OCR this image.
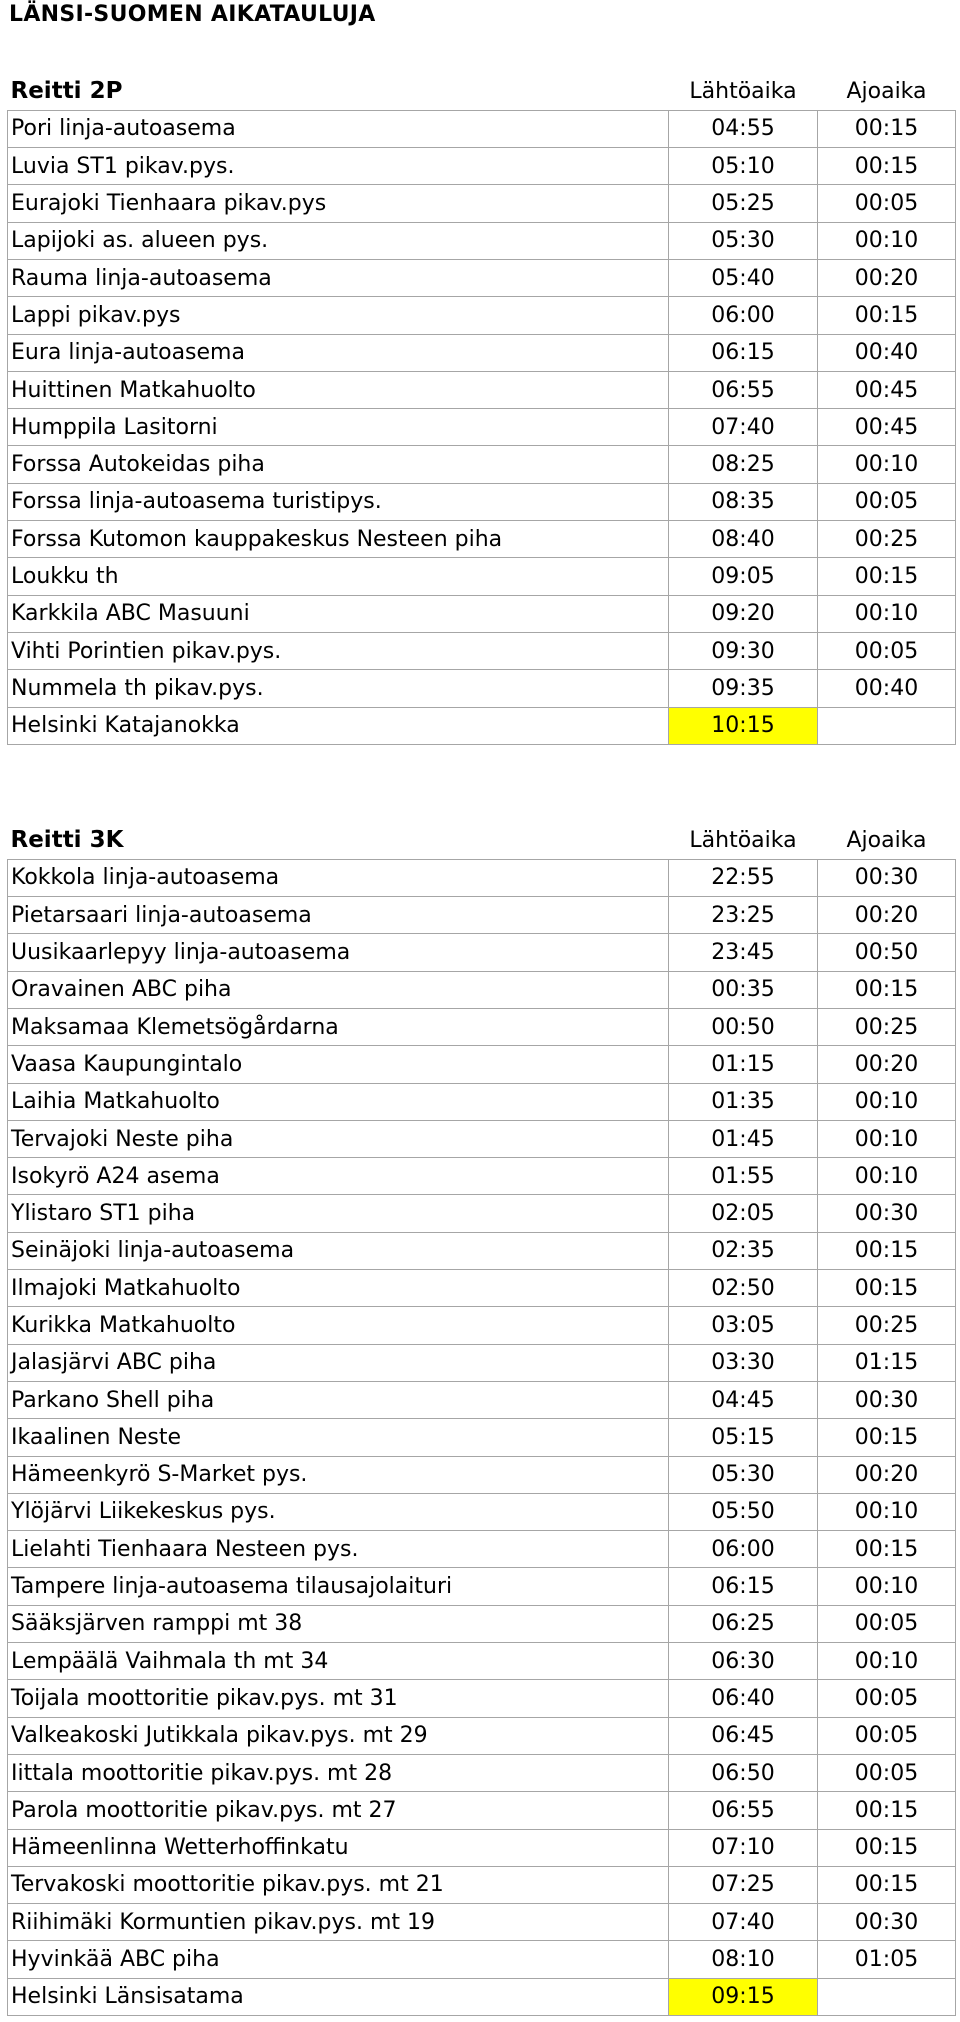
LÄNSI-SUOMEN AIKATAULUJA
Reitti 2P	Lähtöaika	Ajoaika
Pori linja-autoasema	04:55	00:15
Luvia ST1 pikav.pys.	05:10	00:15
Eurajoki Tienhaara pikav.pys	05:25	00:05
Lapijoki as. alueen pys.	05:30	00:10
Rauma linja-autoasema	05:40	00:20
Lappi pikav.pys	06:00	00:15
Eura linja-autoasema	06:15	00:40
Huittinen Matkahuolto	06:55	00:45
Humppila Lasitorni	07:40	00:45
Forssa Autokeidas piha	08:25	00:10
Forssa linja-autoasema turistipys.	08:35	00:05
Forssa Kutomon kauppakeskus Nesteen piha	08:40	00:25
Loukku th	09:05	00:15
Karkkila ABC Masuuni	09:20	00:10
Vihti Porintien pikav.pys.	09:30	00:05
Nummela th pikav.pys.	09:35	00:40
Helsinki Katajanokka	10:15	
Reitti 3K	Lähtöaika	Ajoaika
Kokkola linja-autoasema	22:55	00:30
Pietarsaari linja-autoasema	23:25	00:20
Uusikaarlepyy linja-autoasema	23:45	00:50
Oravainen ABC piha	00:35	00:15
Maksamaa Klemetsögårdarna	00:50	00:25
Vaasa Kaupungintalo	01:15	00:20
Laihia Matkahuolto	01:35	00:10
Tervajoki Neste piha	01:45	00:10
Isokyrö A24 asema	01:55	00:10
Ylistaro ST1 piha	02:05	00:30
Seinäjoki linja-autoasema	02:35	00:15
Ilmajoki Matkahuolto	02:50	00:15
Kurikka Matkahuolto	03:05	00:25
Jalasjärvi ABC piha	03:30	01:15
Parkano Shell piha	04:45	00:30
Ikaalinen Neste	05:15	00:15
Hämeenkyrö S-Market pys.	05:30	00:20
Ylöjärvi Liikekeskus pys.	05:50	00:10
Lielahti Tienhaara Nesteen pys.	06:00	00:15
Tampere linja-autoasema tilausajolaituri	06:15	00:10
Sääksjärven ramppi mt 38	06:25	00:05
Lempäälä Vaihmala th mt 34	06:30	00:10
Toijala moottoritie pikav.pys. mt 31	06:40	00:05
Valkeakoski Jutikkala pikav.pys. mt 29	06:45	00:05
Iittala moottoritie pikav.pys. mt 28	06:50	00:05
Parola moottoritie pikav.pys. mt 27	06:55	00:15
Hämeenlinna Wetterhoffinkatu	07:10	00:15
Tervakoski moottoritie pikav.pys. mt 21	07:25	00:15
Riihimäki Kormuntien pikav.pys. mt 19	07:40	00:30
Hyvinkää ABC piha	08:10	01:05
Helsinki Länsisatama	09:15	
